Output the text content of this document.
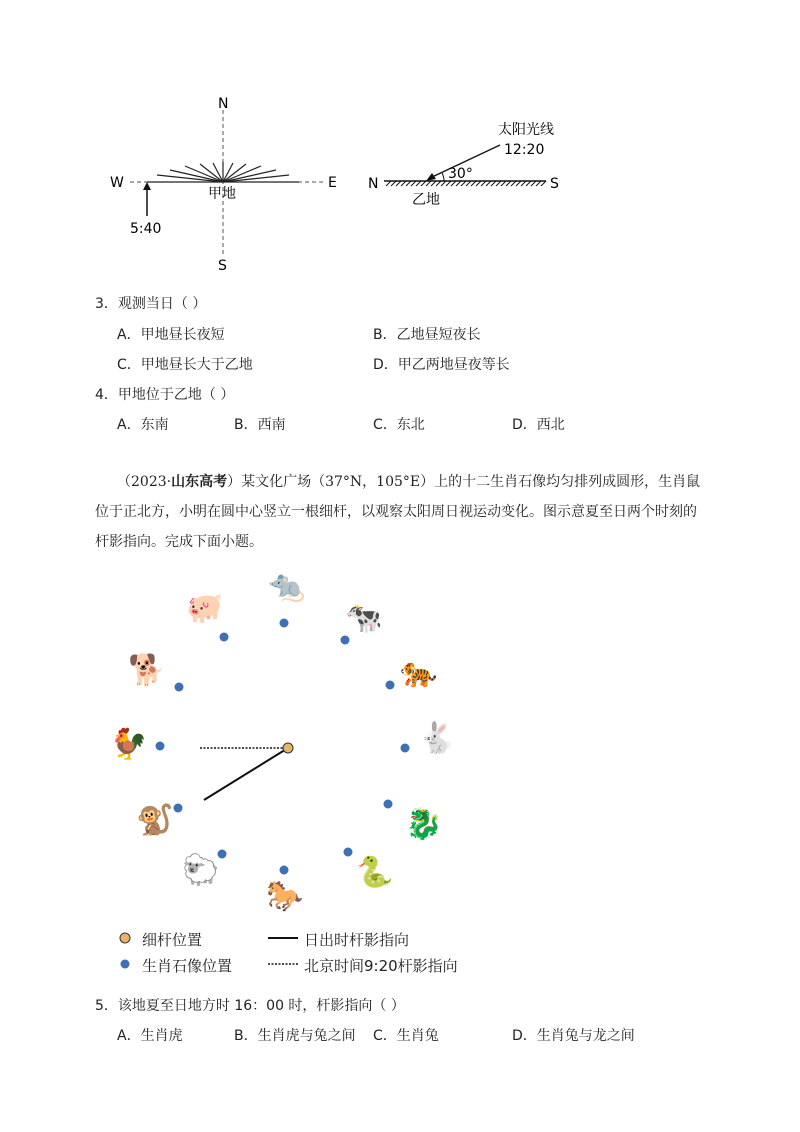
N
S
W	E
甲地
5:40
N	S
30°
太阳光线
12:20
乙地
3．观测当日（ ）
A．甲地昼长夜短	B．乙地昼短夜长
C．甲地昼长大于乙地	D．甲乙两地昼夜等长
4．甲地位于乙地（ ）
A．东南	B．西南	C．东北	D．西北
（2023·山东高考）某文化广场（37°N，105°E）上的十二生肖石像均匀排列成圆形，生肖鼠
位于正北方，小明在圆中心竖立一根细杆，以观察太阳周日视运动变化。图示意夏至日两个时刻的
杆影指向。完成下面小题。
🐀
🐄
🐅
🐇
🐉
🐍
🐎
🐑
🐒
🐓
🐕
🐖
细杆位置	日出时杆影指向
生肖石像位置	北京时间9:20杆影指向
5．该地夏至日地方时 16：00 时，杆影指向（ ）
A．生肖虎	B．生肖虎与兔之间 C．生肖兔	D．生肖兔与龙之间
